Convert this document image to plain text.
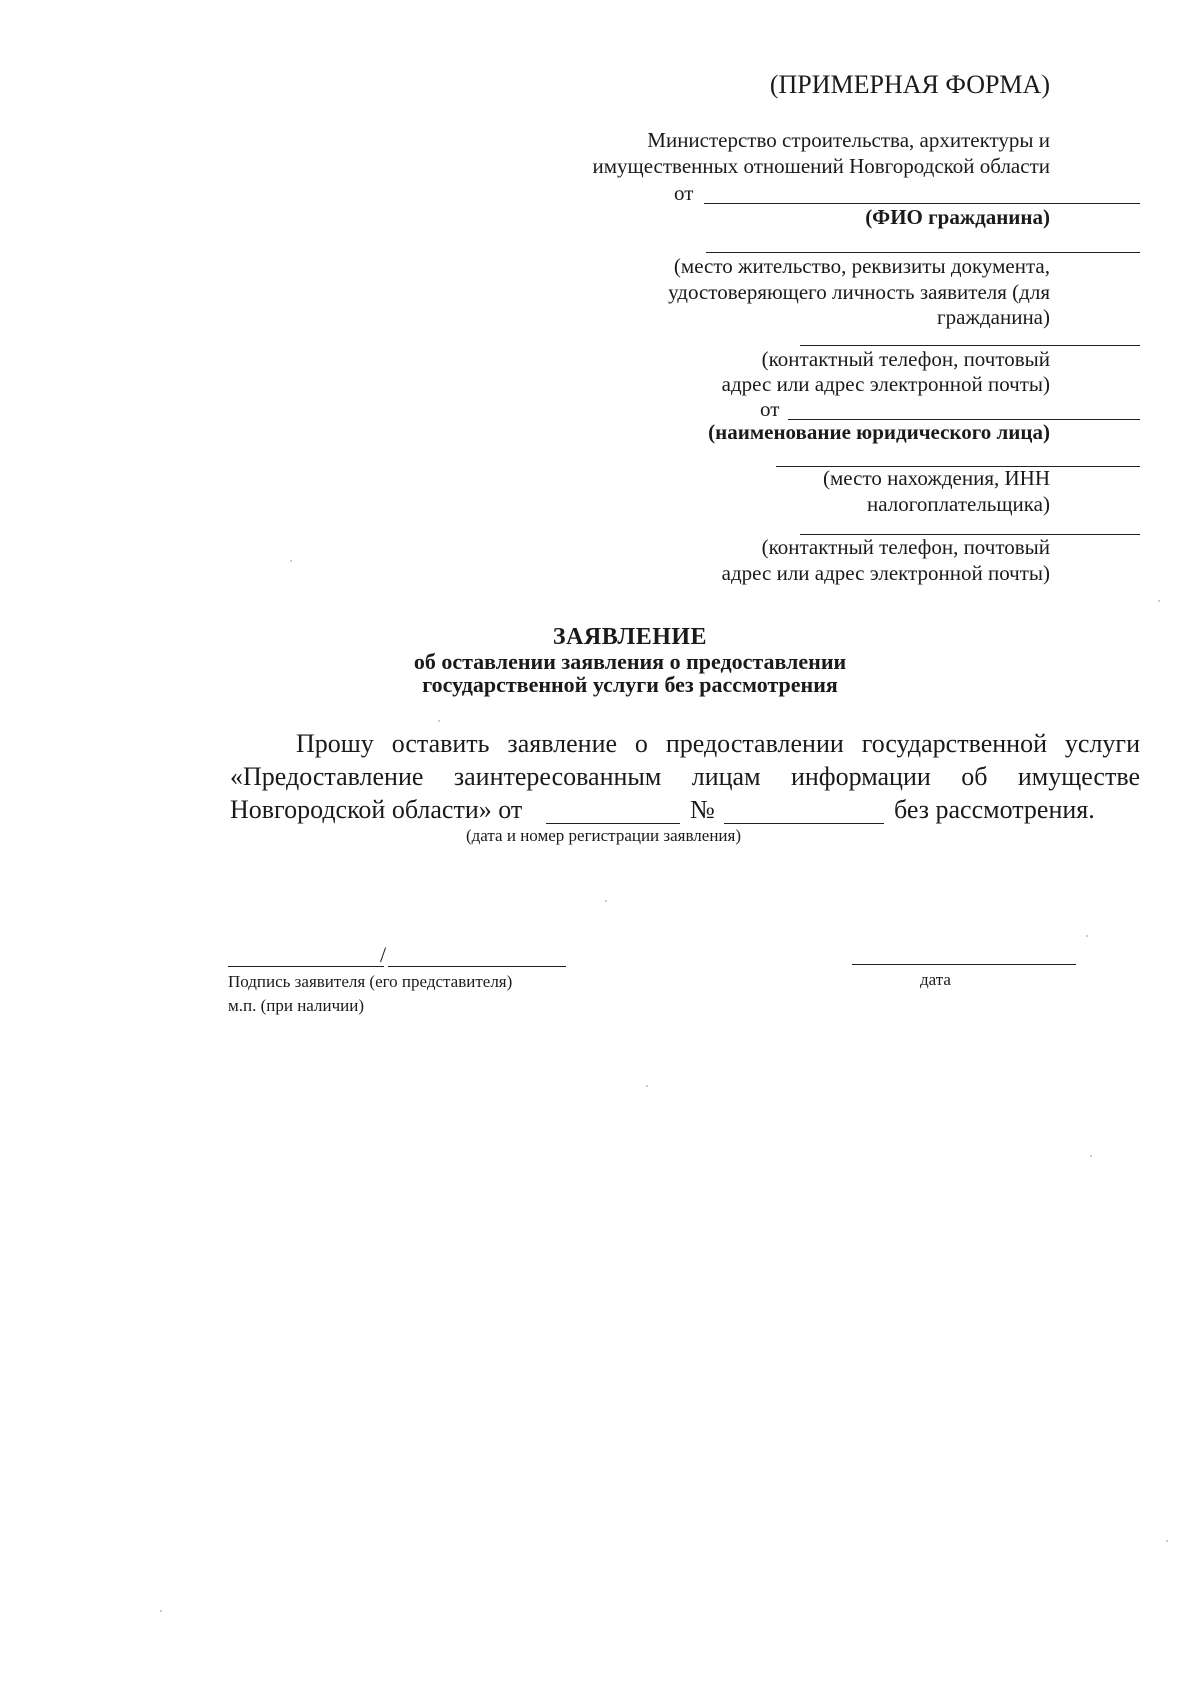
(ПРИМЕРНАЯ ФОРМА)
Министерство строительства, архитектуры и
имущественных отношений Новгородской области
от
(ФИО гражданина)
(место жительство, реквизиты документа,
удостоверяющего личность заявителя (для
гражданина)
(контактный телефон, почтовый
адрес или адрес электронной почты)
от
(наименование юридического лица)
(место нахождения, ИНН
налогоплательщика)
(контактный телефон, почтовый
адрес или адрес электронной почты)
ЗАЯВЛЕНИЕ
об оставлении заявления о предоставлении
государственной услуги без рассмотрения
Прошу оставить заявление о предоставлении государственной услуги
«Предоставление заинтересованным лицам информации об имуществе
Новгородской области» от	№	без рассмотрения.
(дата и номер регистрации заявления)
/
Подпись заявителя (его представителя)
м.п. (при наличии)
дата
